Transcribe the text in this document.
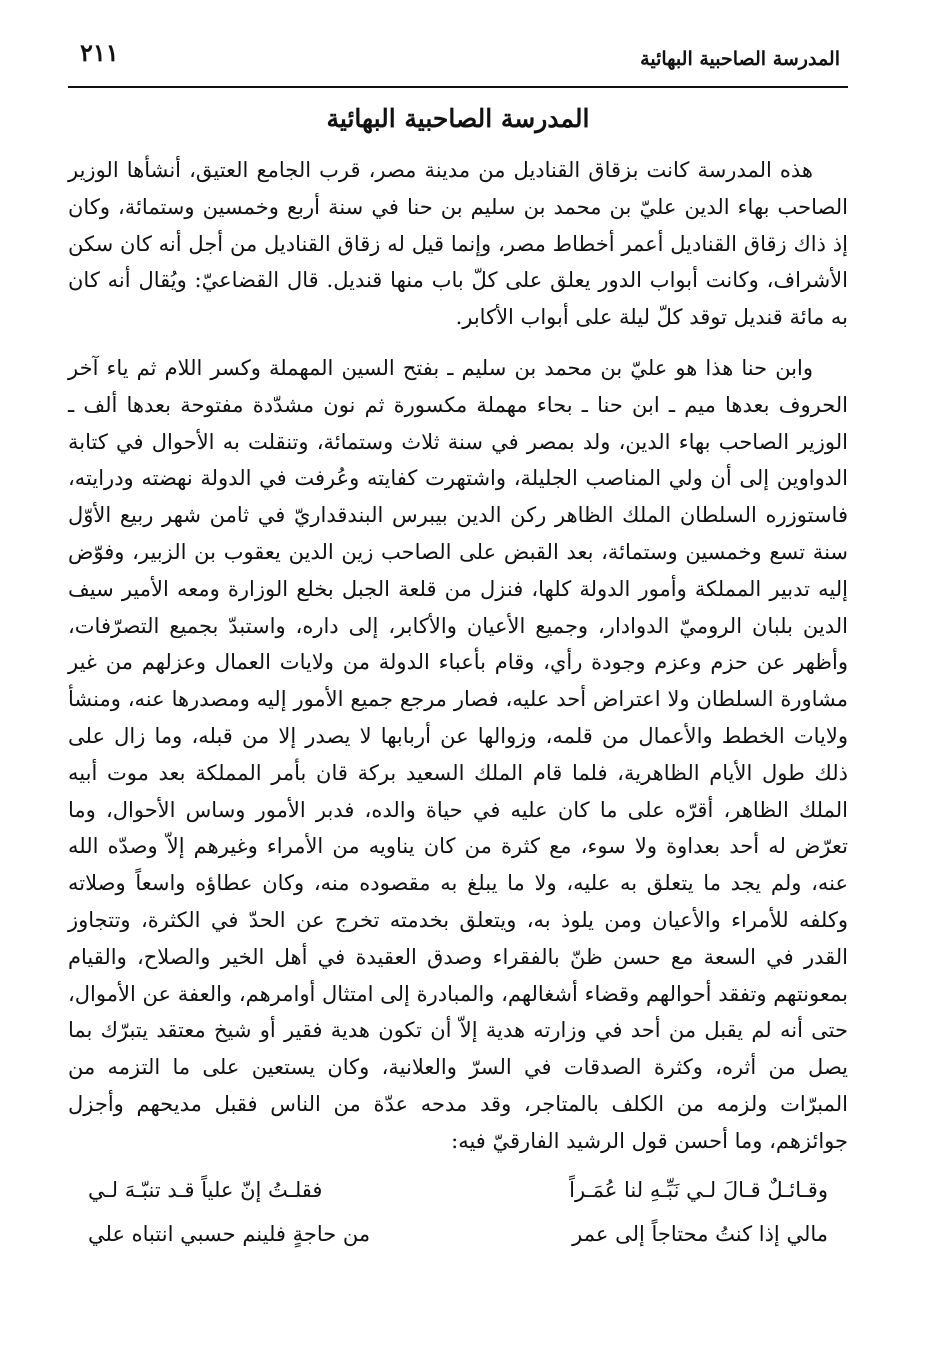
المدرسة الصاحبية البهائية
٢١١
المدرسة الصاحبية البهائية

هذه المدرسة كانت بزقاق القناديل من مدينة مصر، قرب الجامع العتيق، أنشأها الوزير الصاحب بهاء الدين عليّ بن محمد بن سليم بن حنا في سنة أربع وخمسين وستمائة، وكان إذ ذاك زقاق القناديل أعمر أخطاط مصر، وإنما قيل له زقاق القناديل من أجل أنه كان سكن الأشراف، وكانت أبواب الدور يعلق على كلّ باب منها قنديل. قال القضاعيّ: ويُقال أنه كان به مائة قنديل توقد كلّ ليلة على أبواب الأكابر.

وابن حنا هذا هو عليّ بن محمد بن سليم ـ بفتح السين المهملة وكسر اللام ثم ياء آخر الحروف بعدها ميم ـ ابن حنا ـ بحاء مهملة مكسورة ثم نون مشدّدة مفتوحة بعدها ألف ـ الوزير الصاحب بهاء الدين، ولد بمصر في سنة ثلاث وستمائة، وتنقلت به الأحوال في كتابة الدواوين إلى أن ولي المناصب الجليلة، واشتهرت كفايته وعُرفت في الدولة نهضته ودرايته، فاستوزره السلطان الملك الظاهر ركن الدين بيبرس البندقداريّ في ثامن شهر ربيع الأوّل سنة تسع وخمسين وستمائة، بعد القبض على الصاحب زين الدين يعقوب بن الزبير، وفوّض إليه تدبير المملكة وأمور الدولة كلها، فنزل من قلعة الجبل بخلع الوزارة ومعه الأمير سيف الدين بلبان الروميّ الدوادار، وجميع الأعيان والأكابر، إلى داره، واستبدّ بجميع التصرّفات، وأظهر عن حزم وعزم وجودة رأي، وقام بأعباء الدولة من ولايات العمال وعزلهم من غير مشاورة السلطان ولا اعتراض أحد عليه، فصار مرجع جميع الأمور إليه ومصدرها عنه، ومنشأ ولايات الخطط والأعمال من قلمه، وزوالها عن أربابها لا يصدر إلا من قبله، وما زال على ذلك طول الأيام الظاهرية، فلما قام الملك السعيد بركة قان بأمر المملكة بعد موت أبيه الملك الظاهر، أقرّه على ما كان عليه في حياة والده، فدبر الأمور وساس الأحوال، وما تعرّض له أحد بعداوة ولا سوء، مع كثرة من كان يناويه من الأمراء وغيرهم إلاّ وصدّه الله عنه، ولم يجد ما يتعلق به عليه، ولا ما يبلغ به مقصوده منه، وكان عطاؤه واسعاً وصلاته وكلفه للأمراء والأعيان ومن يلوذ به، ويتعلق بخدمته تخرج عن الحدّ في الكثرة، وتتجاوز القدر في السعة مع حسن ظنّ بالفقراء وصدق العقيدة في أهل الخير والصلاح، والقيام بمعونتهم وتفقد أحوالهم وقضاء أشغالهم، والمبادرة إلى امتثال أوامرهم، والعفة عن الأموال، حتى أنه لم يقبل من أحد في وزارته هدية إلاّ أن تكون هدية فقير أو شيخ معتقد يتبرّك بما يصل من أثره، وكثرة الصدقات في السرّ والعلانية، وكان يستعين على ما التزمه من المبرّات ولزمه من الكلف بالمتاجر، وقد مدحه عدّة من الناس فقبل مديحهم وأجزل جوائزهم، وما أحسن قول الرشيد الفارقيّ فيه:

وقـائـلٌ قـالَ لـي نَبِّـهِ لنا عُمَـراً
فقلـتُ إنّ علياً قـد تنبّـهَ لـي
مالي إذا كنتُ محتاجاً إلى عمر
من حاجةٍ فلينم حسبي انتباه علي
